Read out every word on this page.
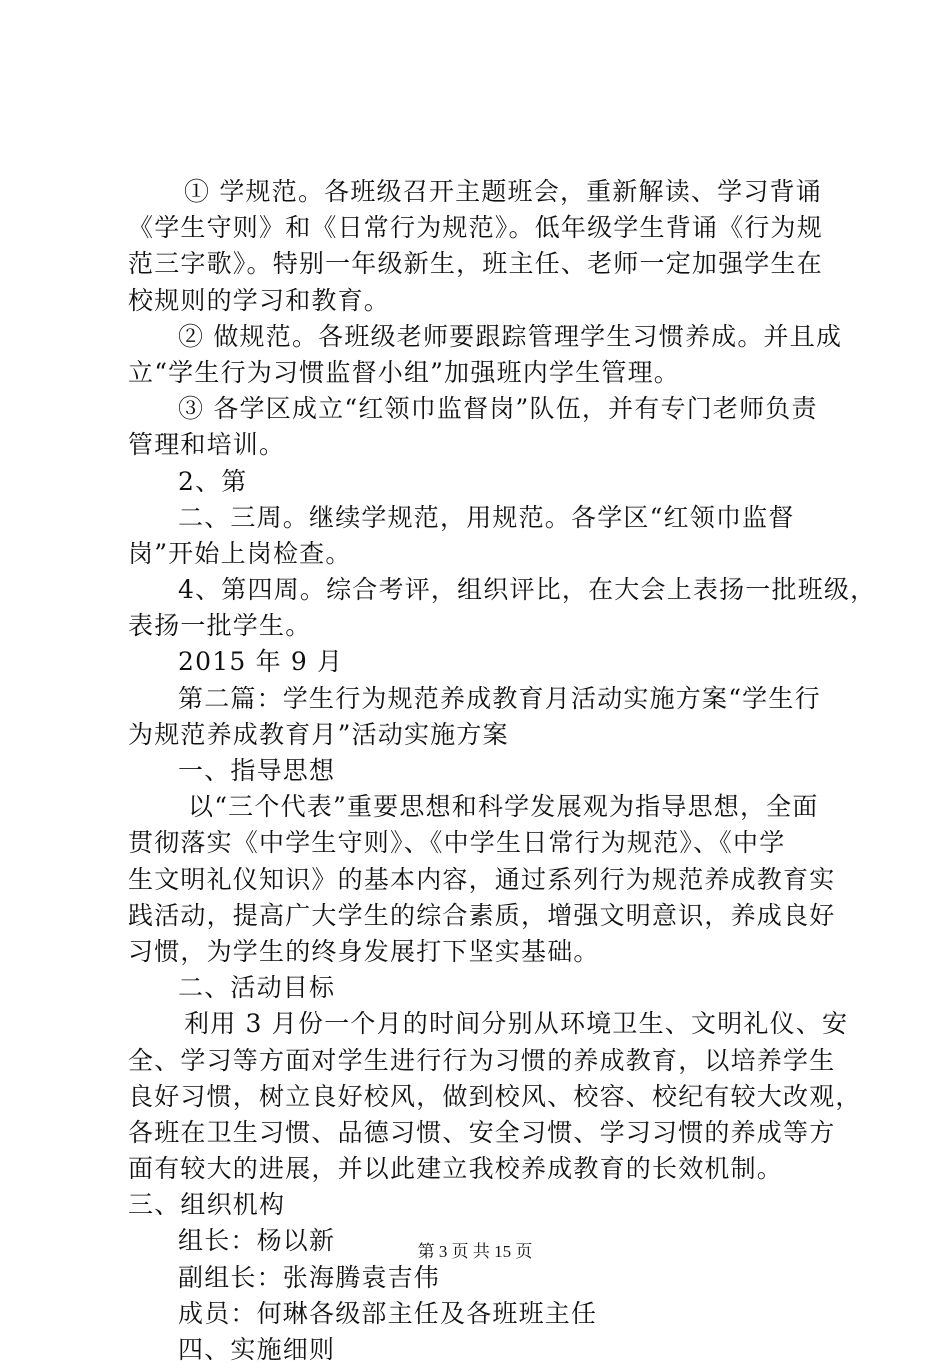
① 学规范。各班级召开主题班会，重新解读、学习背诵
《学生守则》和《日常行为规范》。低年级学生背诵《行为规
范三字歌》。特别一年级新生，班主任、老师一定加强学生在
校规则的学习和教育。
② 做规范。各班级老师要跟踪管理学生习惯养成。并且成
立“学生行为习惯监督小组”加强班内学生管理。
③ 各学区成立“红领巾监督岗”队伍，并有专门老师负责
管理和培训。
2、第
二、三周。继续学规范，用规范。各学区“红领巾监督
岗”开始上岗检查。
4、第四周。综合考评，组织评比，在大会上表扬一批班级，
表扬一批学生。
2015 年 9 月
第二篇：学生行为规范养成教育月活动实施方案“学生行
为规范养成教育月”活动实施方案
一、指导思想
以“三个代表”重要思想和科学发展观为指导思想，全面
贯彻落实《中学生守则》、《中学生日常行为规范》、《中学
生文明礼仪知识》的基本内容，通过系列行为规范养成教育实
践活动，提高广大学生的综合素质，增强文明意识，养成良好
习惯，为学生的终身发展打下坚实基础。
二、活动目标
利用 3 月份一个月的时间分别从环境卫生、文明礼仪、安
全、学习等方面对学生进行行为习惯的养成教育，以培养学生
良好习惯，树立良好校风，做到校风、校容、校纪有较大改观，
各班在卫生习惯、品德习惯、安全习惯、学习习惯的养成等方
面有较大的进展，并以此建立我校养成教育的长效机制。
三、组织机构
组长：杨以新
副组长：张海腾袁吉伟
成员：何琳各级部主任及各班班主任
四、实施细则
第 3 页 共 15 页
